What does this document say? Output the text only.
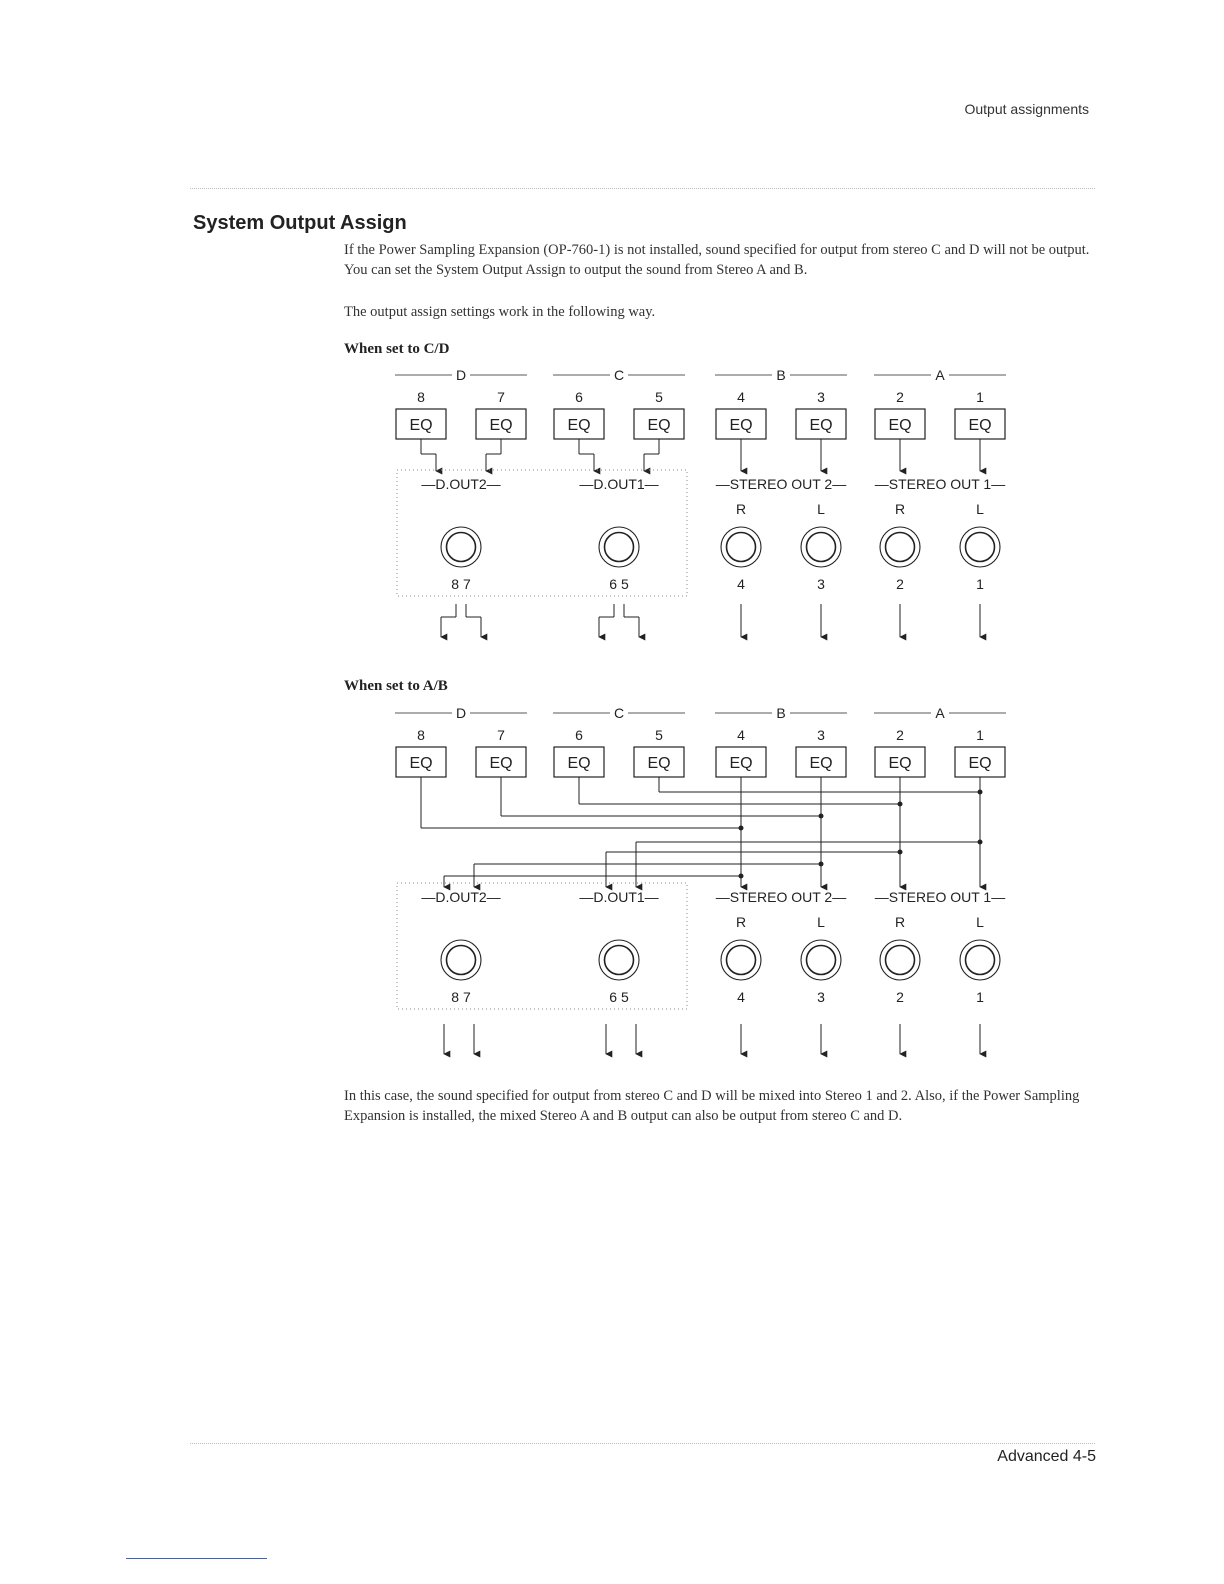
Output assignments
System Output Assign

If the Power Sampling Expansion (OP-760-1) is not installed, sound specified for output from stereo C and D will not be output. You can set the System Output Assign to output the sound from Stereo A and B.

The output assign settings work in the following way.

When set to C/D
When set to A/B
D	C	B	A
8
EQ
7
EQ
6
EQ
5
EQ
4
EQ
3
EQ
2
EQ
1
EQ
—D.OUT2—	—D.OUT1—	—STEREO OUT 2— —STEREO OUT 1—
R	L	R	L
8 7	6 5	4	3	2	1
D	C	B	A
8
EQ
7
EQ
6
EQ
5
EQ
4
EQ
3
EQ
2
EQ
1
EQ
—D.OUT2—	—D.OUT1—	—STEREO OUT 2— —STEREO OUT 1—
R	L	R	L
8 7	6 5	4	3	2	1

In this case, the sound specified for output from stereo C and D will be mixed into Stereo 1 and 2. Also, if the Power Sampling Expansion is installed, the mixed Stereo A and B output can also be output from stereo C and D.

Advanced 4-5
